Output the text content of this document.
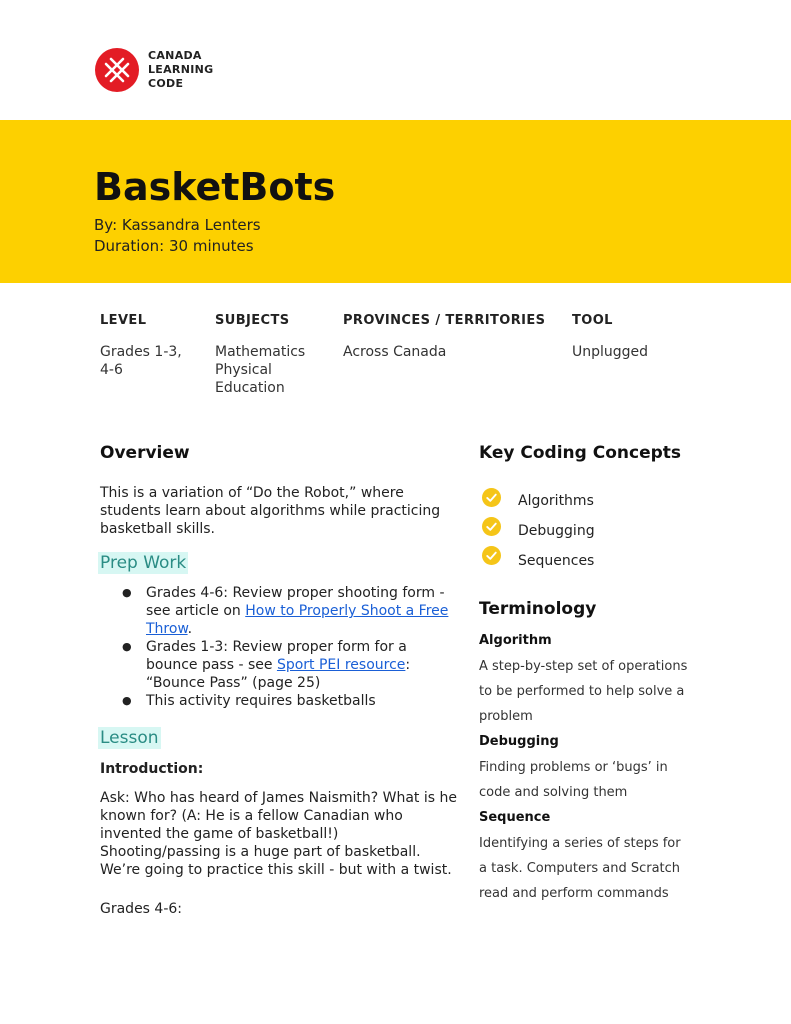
CANADA
LEARNING
CODE
BasketBots
By: Kassandra Lenters
Duration: 30 minutes
LEVEL
Grades 1-3,
4-6
SUBJECTS
Mathematics
Physical
Education
PROVINCES / TERRITORIES
Across Canada
TOOL
Unplugged
Overview
This is a variation of “Do the Robot,” where
students learn about algorithms while practicing
basketball skills.
Prep Work
● Grades 4-6: Review proper shooting form -
see article on How to Properly Shoot a Free
Throw.
● Grades 1-3: Review proper form for a
bounce pass - see Sport PEI resource:
“Bounce Pass” (page 25)
● This activity requires basketballs
Lesson
Introduction:
Ask: Who has heard of James Naismith? What is he
known for? (A: He is a fellow Canadian who
invented the game of basketball!)
Shooting/passing is a huge part of basketball.
We’re going to practice this skill - but with a twist.
Grades 4-6:
Key Coding Concepts
Algorithms
Debugging
Sequences
Terminology
Algorithm
A step-by-step set of operations
to be performed to help solve a
problem
Debugging
Finding problems or ‘bugs’ in
code and solving them
Sequence
Identifying a series of steps for
a task. Computers and Scratch
read and perform commands
